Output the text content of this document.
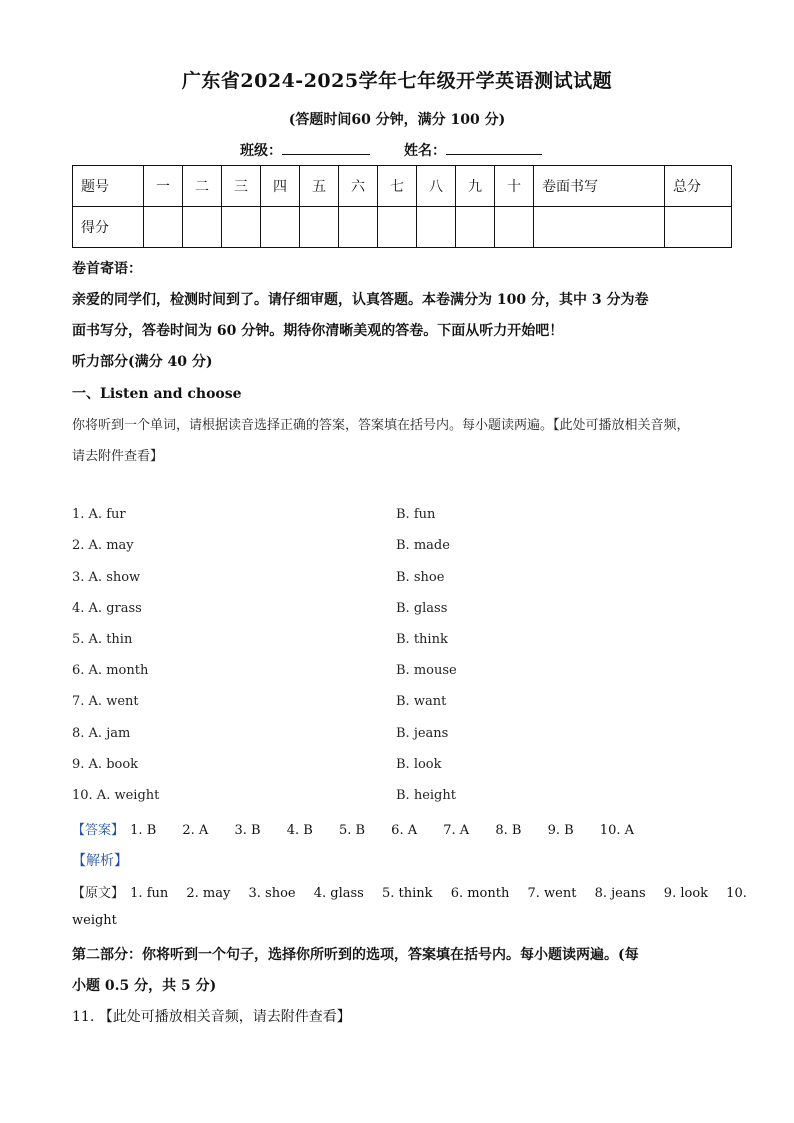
广东省2024-2025学年七年级开学英语测试试题
(答题时间60 分钟，满分 100 分)
班级：	姓名：
题号	一	二	三	四	五	六	七	八	九	十	卷面书写	总分
得分												
卷首寄语：
亲爱的同学们，检测时间到了。请仔细审题，认真答题。本卷满分为 100 分，其中 3 分为卷
面书写分，答卷时间为 60 分钟。期待你清晰美观的答卷。下面从听力开始吧！
听力部分(满分 40 分)
一、Listen and choose
你将听到一个单词，请根据读音选择正确的答案，答案填在括号内。每小题读两遍。【此处可播放相关音频，
请去附件查看】
1. A. fur	B. fun
2. A. may	B. made
3. A. show	B. shoe
4. A. grass	B. glass
5. A. thin	B. think
6. A. month	B. mouse
7. A. went	B. want
8. A. jam	B. jeans
9. A. book	B. look
10. A. weight	B. height
【答案】 1. B 2. A 3. B 4. B 5. B 6. A 7. A 8. B 9. B 10. A
【解析】
【原文】 1. fun 2. may 3. shoe 4. glass 5. think 6. month 7. went 8. jeans 9. look 10.
weight
第二部分：你将听到一个句子，选择你所听到的选项，答案填在括号内。每小题读两遍。(每
小题 0.5 分，共 5 分)
11. 【此处可播放相关音频，请去附件查看】
